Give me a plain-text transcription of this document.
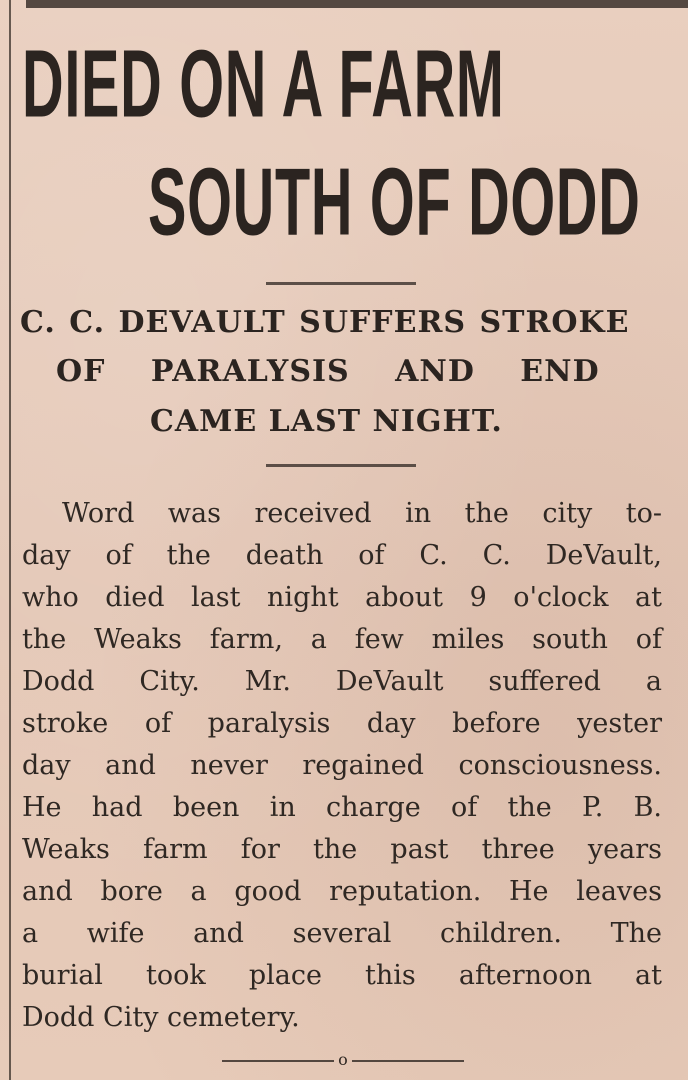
DIED ON A FARM
SOUTH OF DODD
C. C. DEVAULT SUFFERS STROKE
OF PARALYSIS AND END
CAME LAST NIGHT.
Word was received in the city to-
day of the death of C. C. DeVault,
who died last night about 9 o'clock at
the Weaks farm, a few miles south of
Dodd City. Mr. DeVault suffered a
stroke of paralysis day before yester
day and never regained consciousness.
He had been in charge of the P. B.
Weaks farm for the past three years
and bore a good reputation. He leaves
a wife and several children. The
burial took place this afternoon at
Dodd City cemetery.
o
